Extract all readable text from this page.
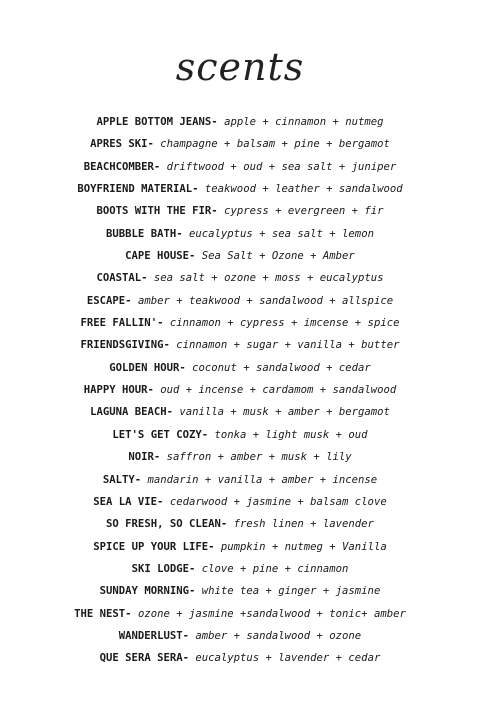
scents
APPLE BOTTOM JEANS- apple + cinnamon + nutmeg
APRES SKI- champagne + balsam + pine + bergamot
BEACHCOMBER- driftwood + oud + sea salt + juniper
BOYFRIEND MATERIAL- teakwood + leather + sandalwood
BOOTS WITH THE FIR- cypress + evergreen + fir
BUBBLE BATH- eucalyptus + sea salt + lemon
CAPE HOUSE- Sea Salt + Ozone + Amber
COASTAL- sea salt + ozone + moss + eucalyptus
ESCAPE- amber + teakwood + sandalwood + allspice
FREE FALLIN'- cinnamon + cypress + imcense + spice
FRIENDSGIVING- cinnamon + sugar + vanilla + butter
GOLDEN HOUR- coconut + sandalwood + cedar
HAPPY HOUR- oud + incense + cardamom + sandalwood
LAGUNA BEACH- vanilla + musk + amber + bergamot
LET'S GET COZY- tonka + light musk + oud
NOIR- saffron + amber + musk + lily
SALTY- mandarin + vanilla + amber + incense
SEA LA VIE- cedarwood + jasmine + balsam clove
SO FRESH, SO CLEAN- fresh linen + lavender
SPICE UP YOUR LIFE- pumpkin + nutmeg + Vanilla
SKI LODGE- clove + pine + cinnamon
SUNDAY MORNING- white tea + ginger + jasmine
THE NEST- ozone + jasmine +sandalwood + tonic+ amber
WANDERLUST- amber + sandalwood + ozone
QUE SERA SERA- eucalyptus + lavender + cedar
